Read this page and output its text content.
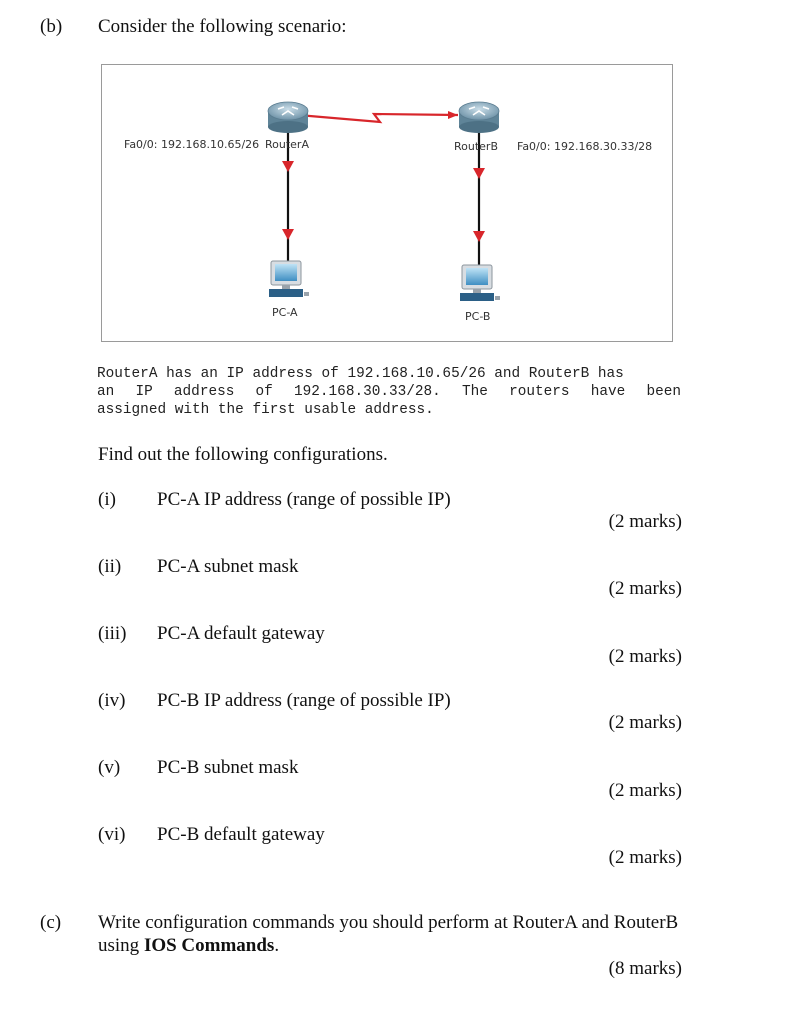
(b) Consider the following scenario:
Fa0/0: 192.168.10.65/26 RouterA	RouterB Fa0/0: 192.168.30.33/28
PC-A	PC-B
RouterA has an IP address of 192.168.10.65/26 and RouterB has
an IP address of 192.168.30.33/28. The routers have been
assigned with the first usable address.
Find out the following configurations.
(i) PC-A IP address (range of possible IP)
(2 marks)
(ii) PC-A subnet mask
(2 marks)
(iii) PC-A default gateway
(2 marks)
(iv) PC-B IP address (range of possible IP)
(2 marks)
(v) PC-B subnet mask
(2 marks)
(vi) PC-B default gateway
(2 marks)
(c) Write configuration commands you should perform at RouterA and RouterB
using IOS Commands.
(8 marks)
